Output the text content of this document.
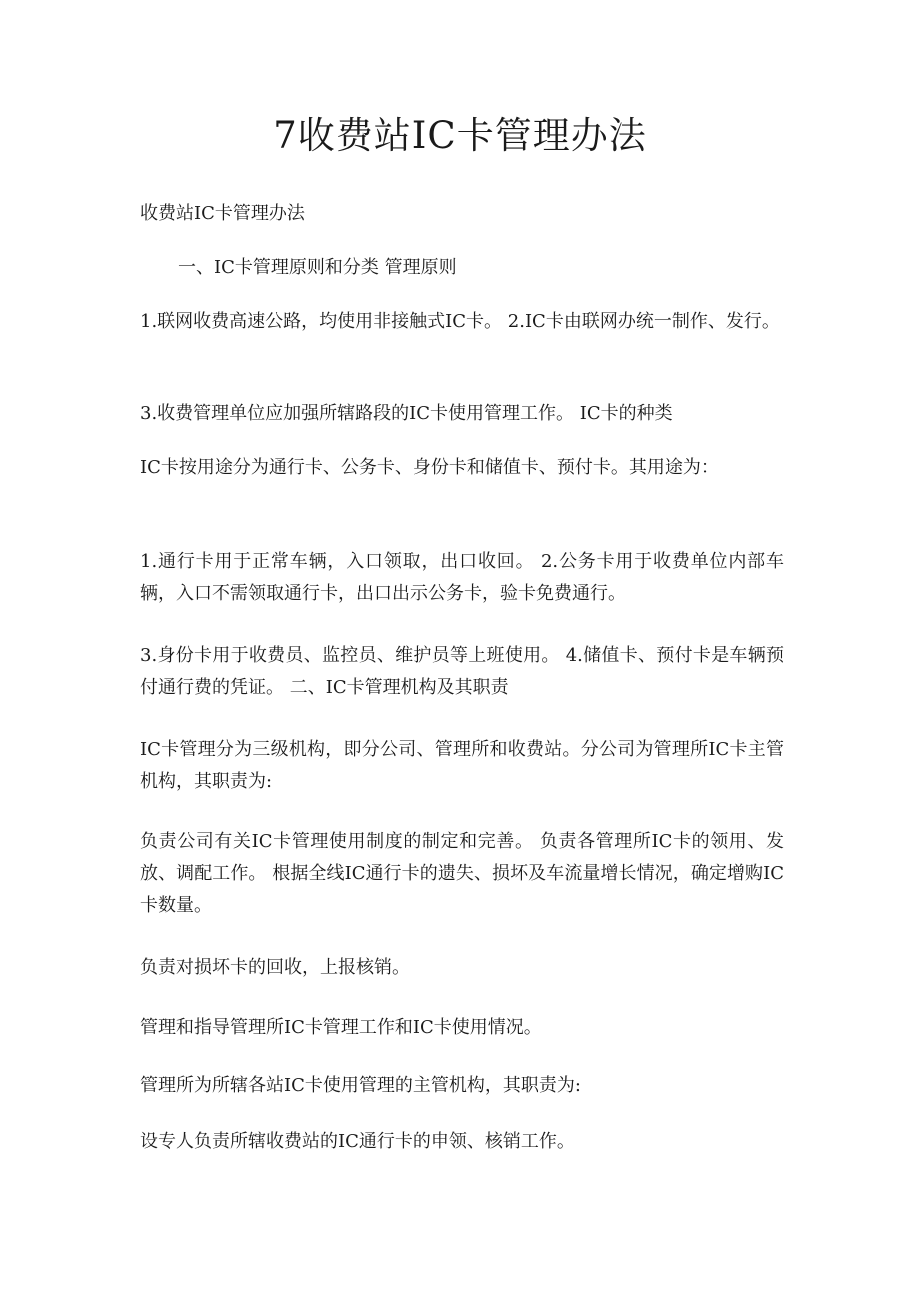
7收费站IC卡管理办法

收费站IC卡管理办法

一、IC卡管理原则和分类 管理原则

1.联网收费高速公路，均使用非接触式IC卡。 2.IC卡由联网办统一制作、发行。

3.收费管理单位应加强所辖路段的IC卡使用管理工作。 IC卡的种类

IC卡按用途分为通行卡、公务卡、身份卡和储值卡、预付卡。其用途为：

1.通行卡用于正常车辆，入口领取，出口收回。 2.公务卡用于收费单位内部车辆，入口不需领取通行卡，出口出示公务卡，验卡免费通行。

3.身份卡用于收费员、监控员、维护员等上班使用。 4.储值卡、预付卡是车辆预付通行费的凭证。 二、IC卡管理机构及其职责

IC卡管理分为三级机构，即分公司、管理所和收费站。分公司为管理所IC卡主管机构，其职责为:

负责公司有关IC卡管理使用制度的制定和完善。 负责各管理所IC卡的领用、发放、调配工作。 根据全线IC通行卡的遗失、损坏及车流量增长情况，确定增购IC卡数量。

负责对损坏卡的回收，上报核销。

管理和指导管理所IC卡管理工作和IC卡使用情况。

管理所为所辖各站IC卡使用管理的主管机构，其职责为:

设专人负责所辖收费站的IC通行卡的申领、核销工作。
